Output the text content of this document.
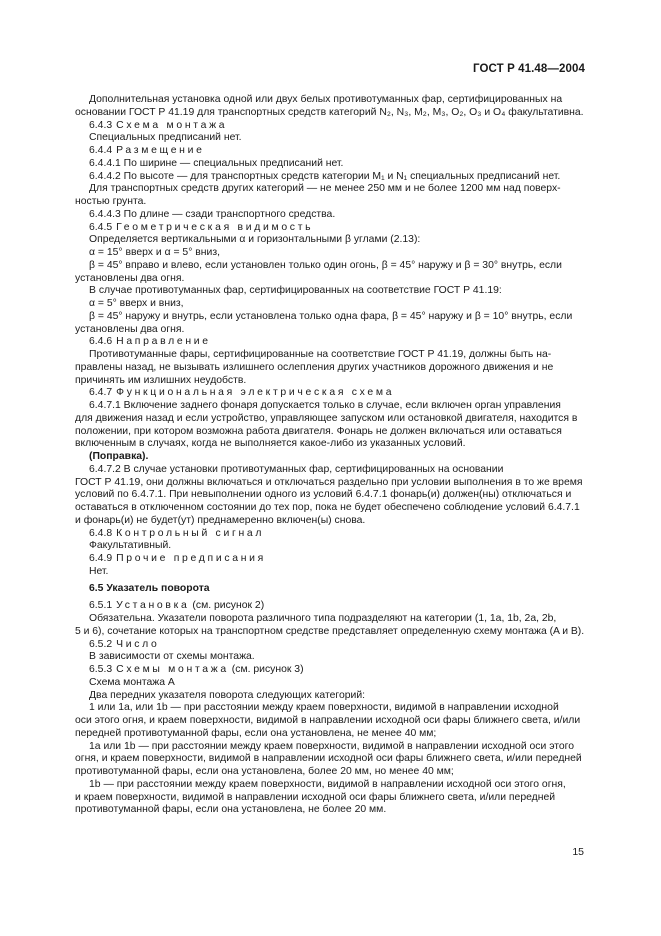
ГОСТ Р 41.48—2004
Дополнительная установка одной или двух белых противотуманных фар, сертифицированных на
основании ГОСТ Р 41.19 для транспортных средств категорий N₂, N₃, M₂, M₃, O₂, O₃ и O₄ факультативна.
6.4.3 Схема монтажа
Специальных предписаний нет.
6.4.4 Размещение
6.4.4.1 По ширине — специальных предписаний нет.
6.4.4.2 По высоте — для транспортных средств категории M₁ и N₁ специальных предписаний нет.
Для транспортных средств других категорий — не менее 250 мм и не более 1200 мм над поверх-
ностью грунта.
6.4.4.3 По длине — сзади транспортного средства.
6.4.5 Геометрическая видимость
Определяется вертикальными α и горизонтальными β углами (2.13):
α = 15° вверх и α = 5° вниз,
β = 45° вправо и влево, если установлен только один огонь, β = 45° наружу и β = 30° внутрь, если
установлены два огня.
В случае противотуманных фар, сертифицированных на соответствие ГОСТ Р 41.19:
α = 5° вверх и вниз,
β = 45° наружу и внутрь, если установлена только одна фара, β = 45° наружу и β = 10° внутрь, если
установлены два огня.
6.4.6 Направление
Противотуманные фары, сертифицированные на соответствие ГОСТ Р 41.19, должны быть на-
правлены назад, не вызывать излишнего ослепления других участников дорожного движения и не
причинять им излишних неудобств.
6.4.7 Функциональная электрическая схема
6.4.7.1 Включение заднего фонаря допускается только в случае, если включен орган управления
для движения назад и если устройство, управляющее запуском или остановкой двигателя, находится в
положении, при котором возможна работа двигателя. Фонарь не должен включаться или оставаться
включенным в случаях, когда не выполняется какое-либо из указанных условий.
(Поправка).
6.4.7.2 В случае установки противотуманных фар, сертифицированных на основании
ГОСТ Р 41.19, они должны включаться и отключаться раздельно при условии выполнения в то же время
условий по 6.4.7.1. При невыполнении одного из условий 6.4.7.1 фонарь(и) должен(ны) отключаться и
оставаться в отключенном состоянии до тех пор, пока не будет обеспечено соблюдение условий 6.4.7.1
и фонарь(и) не будет(ут) преднамеренно включен(ы) снова.
6.4.8 Контрольный сигнал
Факультативный.
6.4.9 Прочие предписания
Нет.
6.5 Указатель поворота
6.5.1 Установка (см. рисунок 2)
Обязательна. Указатели поворота различного типа подразделяют на категории (1, 1a, 1b, 2a, 2b,
5 и 6), сочетание которых на транспортном средстве представляет определенную схему монтажа (A и B).
6.5.2 Число
В зависимости от схемы монтажа.
6.5.3 Схемы монтажа (см. рисунок 3)
Схема монтажа A
Два передних указателя поворота следующих категорий:
1 или 1a, или 1b — при расстоянии между краем поверхности, видимой в направлении исходной
оси этого огня, и краем поверхности, видимой в направлении исходной оси фары ближнего света, и/или
передней противотуманной фары, если она установлена, не менее 40 мм;
1a или 1b — при расстоянии между краем поверхности, видимой в направлении исходной оси этого
огня, и краем поверхности, видимой в направлении исходной оси фары ближнего света, и/или передней
противотуманной фары, если она установлена, более 20 мм, но менее 40 мм;
1b — при расстоянии между краем поверхности, видимой в направлении исходной оси этого огня,
и краем поверхности, видимой в направлении исходной оси фары ближнего света, и/или передней
противотуманной фары, если она установлена, не более 20 мм.
15
